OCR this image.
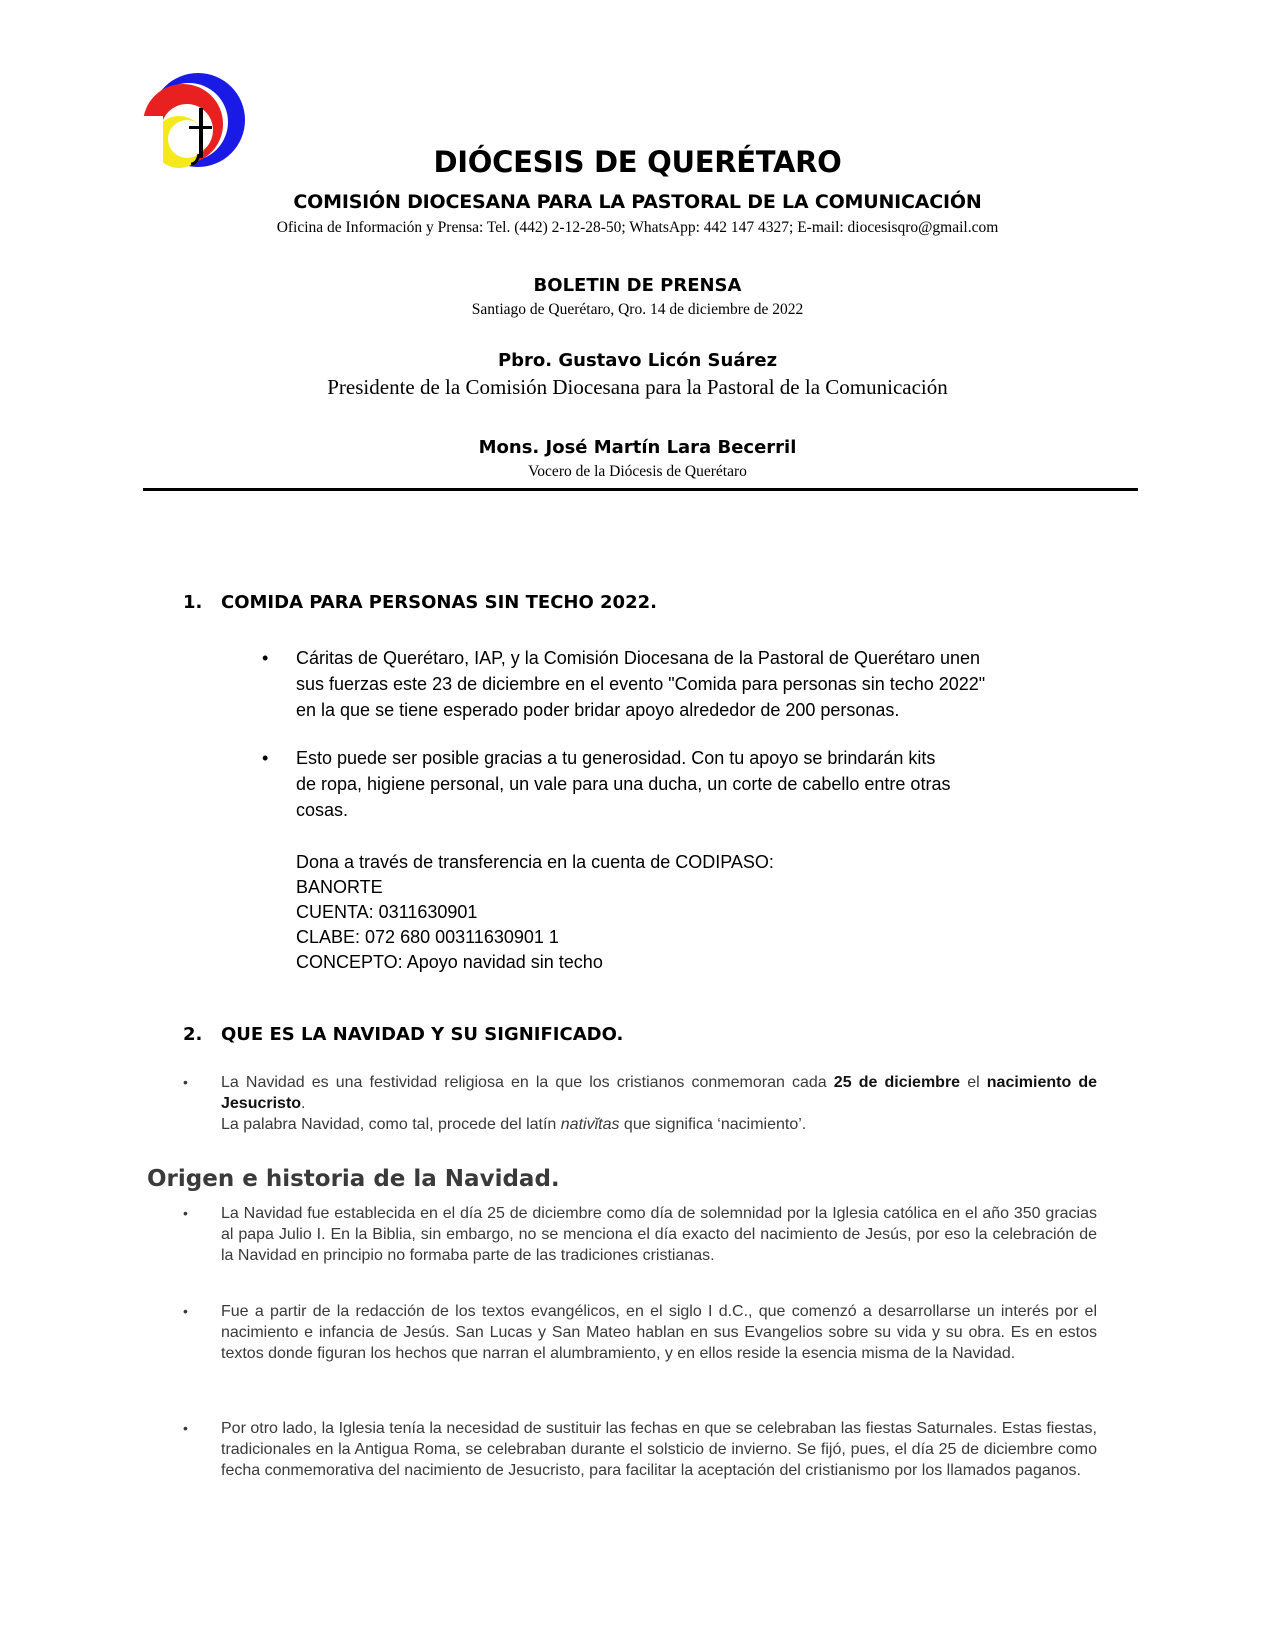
DIÓCESIS DE QUERÉTARO
COMISIÓN DIOCESANA PARA LA PASTORAL DE LA COMUNICACIÓN
Oficina de Información y Prensa: Tel. (442) 2-12-28-50; WhatsApp: 442 147 4327; E-mail: diocesisqro@gmail.com
BOLETIN DE PRENSA
Santiago de Querétaro, Qro. 14 de diciembre de 2022
Pbro. Gustavo Licón Suárez
Presidente de la Comisión Diocesana para la Pastoral de la Comunicación
Mons. José Martín Lara Becerril
Vocero de la Diócesis de Querétaro
1. COMIDA PARA PERSONAS SIN TECHO 2022.
• Cáritas de Querétaro, IAP, y la Comisión Diocesana de la Pastoral de Querétaro unen
sus fuerzas este 23 de diciembre en el evento "Comida para personas sin techo 2022"
en la que se tiene esperado poder bridar apoyo alrededor de 200 personas.
• Esto puede ser posible gracias a tu generosidad. Con tu apoyo se brindarán kits
de ropa, higiene personal, un vale para una ducha, un corte de cabello entre otras
cosas.
Dona a través de transferencia en la cuenta de CODIPASO:
BANORTE
CUENTA: 0311630901
CLABE: 072 680 00311630901 1
CONCEPTO: Apoyo navidad sin techo
2. QUE ES LA NAVIDAD Y SU SIGNIFICADO.
• La Navidad es una festividad religiosa en la que los cristianos conmemoran cada 25 de diciembre el nacimiento de Jesucristo.
La palabra Navidad, como tal, procede del latín nativĭtas que significa ‘nacimiento’.
Origen e historia de la Navidad.
• La Navidad fue establecida en el día 25 de diciembre como día de solemnidad por la Iglesia católica en el año 350 gracias al papa Julio I. En la Biblia, sin embargo, no se menciona el día exacto del nacimiento de Jesús, por eso la celebración de la Navidad en principio no formaba parte de las tradiciones cristianas.
• Fue a partir de la redacción de los textos evangélicos, en el siglo I d.C., que comenzó a desarrollarse un interés por el nacimiento e infancia de Jesús. San Lucas y San Mateo hablan en sus Evangelios sobre su vida y su obra. Es en estos textos donde figuran los hechos que narran el alumbramiento, y en ellos reside la esencia misma de la Navidad.
• Por otro lado, la Iglesia tenía la necesidad de sustituir las fechas en que se celebraban las fiestas Saturnales. Estas fiestas, tradicionales en la Antigua Roma, se celebraban durante el solsticio de invierno. Se fijó, pues, el día 25 de diciembre como fecha conmemorativa del nacimiento de Jesucristo, para facilitar la aceptación del cristianismo por los llamados paganos.
